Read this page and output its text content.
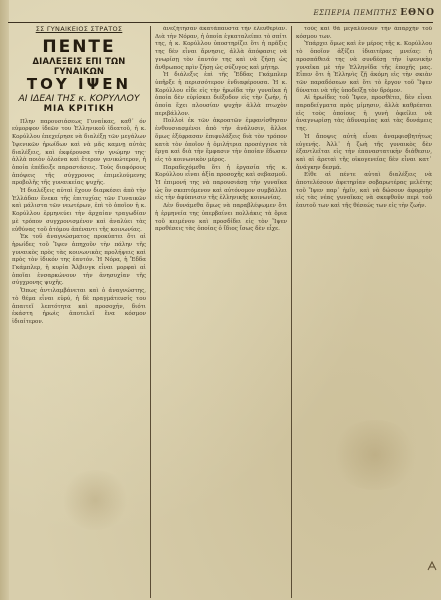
ΕΣΠΕΡΙΑ ΠΕΜΠΤΗΣ ΕΘΝΟ
ΣΣ ΓΥΝΑΙΚΕΙΟΣ ΣΤΡΑΤΟΣ
ΠΕΝΤΕ
ΔΙΑΛΕΞΕΙΣ ΕΠΙ ΤΩΝ ΓΥΝΑΙΚΩΝ
ΤΟΥ ΙΨΕΝ
ΑΙ ΙΔΕΑΙ ΤΗΣ κ. ΚΟΡΥΛΛΟΥ
ΜΙΑ ΚΡΙΤΙΚΗ

Πλην παρουσιάσεως Γυναίκας, καθ᾽ όν εύμορφον ἰδεῶν του Ἑλληνικοῦ ἰδεατοῦ, ἡ κ. Κορύλλου ἐπεχείρησε νὰ διαλέξῃ τῶν μεγάλων Ἰψενικῶν ἡρωίδων καὶ νὰ μᾶς καμνῃ αὐτὰς διαλέξεις, καὶ ἐκφέρουσα τὴν γνώμην της· ἀλλὰ ποιὸν ὀλοένα καὶ ἔτερον γενικώτερον, ἡ ὁποία ἐπέδειξε παραστάσεις. Τοὺς διαφόρους ἀπόψεις τῆς σύγχρονος ἐπιμελούμενης προβολῆς τῆς γυναικείας ψυχῆς.

Ἡ διαλέξεις αὐταὶ ἔχουν διαρκέσει ἀπὸ τὴν Ἑλλάδαν ἕνεκα τῆς ἐπιτυχίας τῶν Γυναικῶν καὶ μάλιστα τῶν νεωτέρων, ἐπὶ τὸ ὁποῖον ἡ κ. Κορύλλου ἐρμηνεύει τὴν ἀρχαίαν τραγωδίαν μὲ τρόπον συγχρονισμένον καὶ ἀναλύει τὰς εὐθύνας τοῦ ἀτόμου ἀπέναντι τῆς κοινωνίας.

Ἐκ τοῦ ἀναγνώσματος προκύπτει ὅτι αἱ ἡρωίδες τοῦ Ἴψεν ἀπηχοῦν τὴν πάλην τῆς γυναικὸς πρὸς τὰς κοινωνικὰς προλήψεις καὶ πρὸς τὸν ἰδικόν της ἑαυτόν. Ἡ Νόρα, ἡ Ἔδδα Γκάμπλερ, ἡ κυρία Ἄλβινγκ εἶναι μορφαὶ αἱ ὁποῖαι ἐνσαρκώνουν τὴν ἀνησυχίαν τῆς σύγχρονης ψυχῆς.

Ὅπως ἀντιλαμβάνεται καὶ ὁ ἀναγνώστης, τὸ θέμα εἶναι εὐρύ, ἡ δὲ πραγμάτευσίς του ἀπαιτεῖ λεπτότητα καὶ προσοχήν, διότι ἐκάστη ἡρωὶς ἀποτελεῖ ἕνα κόσμον ἰδιαίτερον.

ἀνεζήτησαν ἀκατάπαυστα τὴν ἐλευθερίαν. Διὰ τὴν Νόραν, ἡ ὁποία ἐγκαταλείπει τὸ σπίτι της, ἡ κ. Κορύλλου ὑποστηρίζει ὅτι ἡ πρᾶξις της δὲν εἶναι ἄρνησις, ἀλλὰ ἀπόφασις νὰ γνωρίσῃ τὸν ἑαυτόν της καὶ νὰ ζήσῃ ὡς ἄνθρωπος πρὶν ζήσῃ ὡς σύζυγος καὶ μήτηρ.

Ἡ διάλεξις ἐπὶ τῆς Ἔδδας Γκάμπλερ ὑπῆρξε ἡ περισσότερον ἐνδιαφέρουσα. Ἡ κ. Κορύλλου εἶδε εἰς τὴν ἡρωίδα τὴν γυναῖκα ἡ ὁποία δὲν εὑρίσκει διέξοδον εἰς τὴν ζωήν, ἡ ὁποία ἔχει πλουσίαν ψυχὴν ἀλλὰ πτωχὸν περιβάλλον.

Πολλοὶ ἐκ τῶν ἀκροατῶν ἐμφανίσθησαν ἐνθουσιασμένοι ἀπὸ τὴν ἀνάλυσιν, ἄλλοι ὅμως ἐξέφρασαν ἐπιφυλάξεις διὰ τὸν τρόπον κατὰ τὸν ὁποῖον ἡ ὁμιλήτρια προσέγγισε τὰ ἔργα καὶ διὰ τὴν ἔμφασιν τὴν ὁποίαν ἔδωσεν εἰς τὸ κοινωνικὸν μέρος.

Παραδεχόμεθα ὅτι ἡ ἐργασία τῆς κ. Κορύλλου εἶναι ἀξία προσοχῆς καὶ σεβασμοῦ. Ἡ ἐπιμονή της νὰ παρουσιάσῃ τὴν γυναῖκα ὡς ὂν σκεπτόμενον καὶ αὐτόνομον συμβάλλει εἰς τὴν ἀφύπνισιν τῆς ἑλληνικῆς κοινωνίας.

Δὲν δυνάμεθα ὅμως νὰ παραβλέψωμεν ὅτι ἡ ἐρμηνεία της ὑπερβαίνει πολλάκις τὰ ὅρια τοῦ κειμένου καὶ προσδίδει εἰς τὸν Ἴψεν προθέσεις τὰς ὁποίας ὁ ἴδιος ἴσως δὲν εἶχε.

τοὺς καὶ θὰ μεγαλύνουν τὴν ἀπαρχήν τοῦ κόσμου των.

Ὑπάρχει ὅμως καὶ ἐν μέρος τῆς κ. Κορύλλου τὸ ὁποῖον ἀξίζει ἰδιαιτέρας μνείας: ἡ προσπάθειά της νὰ συνδέσῃ τὴν ἰψενικὴν γυναῖκα μὲ τὴν Ἑλληνίδα τῆς ἐποχῆς μας. Εἶπεν ὅτι ἡ Ἑλληνὶς ζῇ ἀκόμη εἰς τὴν σκιὰν τῶν παραδόσεων καὶ ὅτι τὸ ἔργον τοῦ Ἴψεν δύναται νὰ τῆς ὑποδείξῃ τὸν δρόμον.

Αἱ ἡρωίδες τοῦ Ἴψεν, προσθέτει, δὲν εἶναι παραδείγματα πρὸς μίμησιν, ἀλλὰ καθρέπται εἰς τοὺς ὁποίους ἡ γυνὴ ὀφείλει νὰ ἀναγνωρίσῃ τὰς ἀδυναμίας καὶ τὰς δυνάμεις της.

Ἡ ἄποψις αὐτὴ εἶναι ἀναμφισβητήτως εὐγενής. Ἀλλ᾽ ἡ ζωὴ τῆς γυναικὸς δὲν ἐξαντλεῖται εἰς τὴν ἐπαναστατικὴν διάθεσιν, καὶ αἱ ἀρεταὶ τῆς οἰκογενείας δὲν εἶναι κατ᾽ ἀνάγκην δεσμά.

Εἶθε αἱ πέντε αὐταὶ διαλέξεις νὰ ἀποτελέσουν ἀφετηρίαν σοβαρωτέρας μελέτης τοῦ Ἴψεν παρ᾽ ἡμῖν, καὶ νὰ δώσουν ἀφορμὴν εἰς τὰς νέας γυναῖκας νὰ σκεφθοῦν περὶ τοῦ ἑαυτοῦ των καὶ τῆς θέσεώς των εἰς τὴν ζωήν.
